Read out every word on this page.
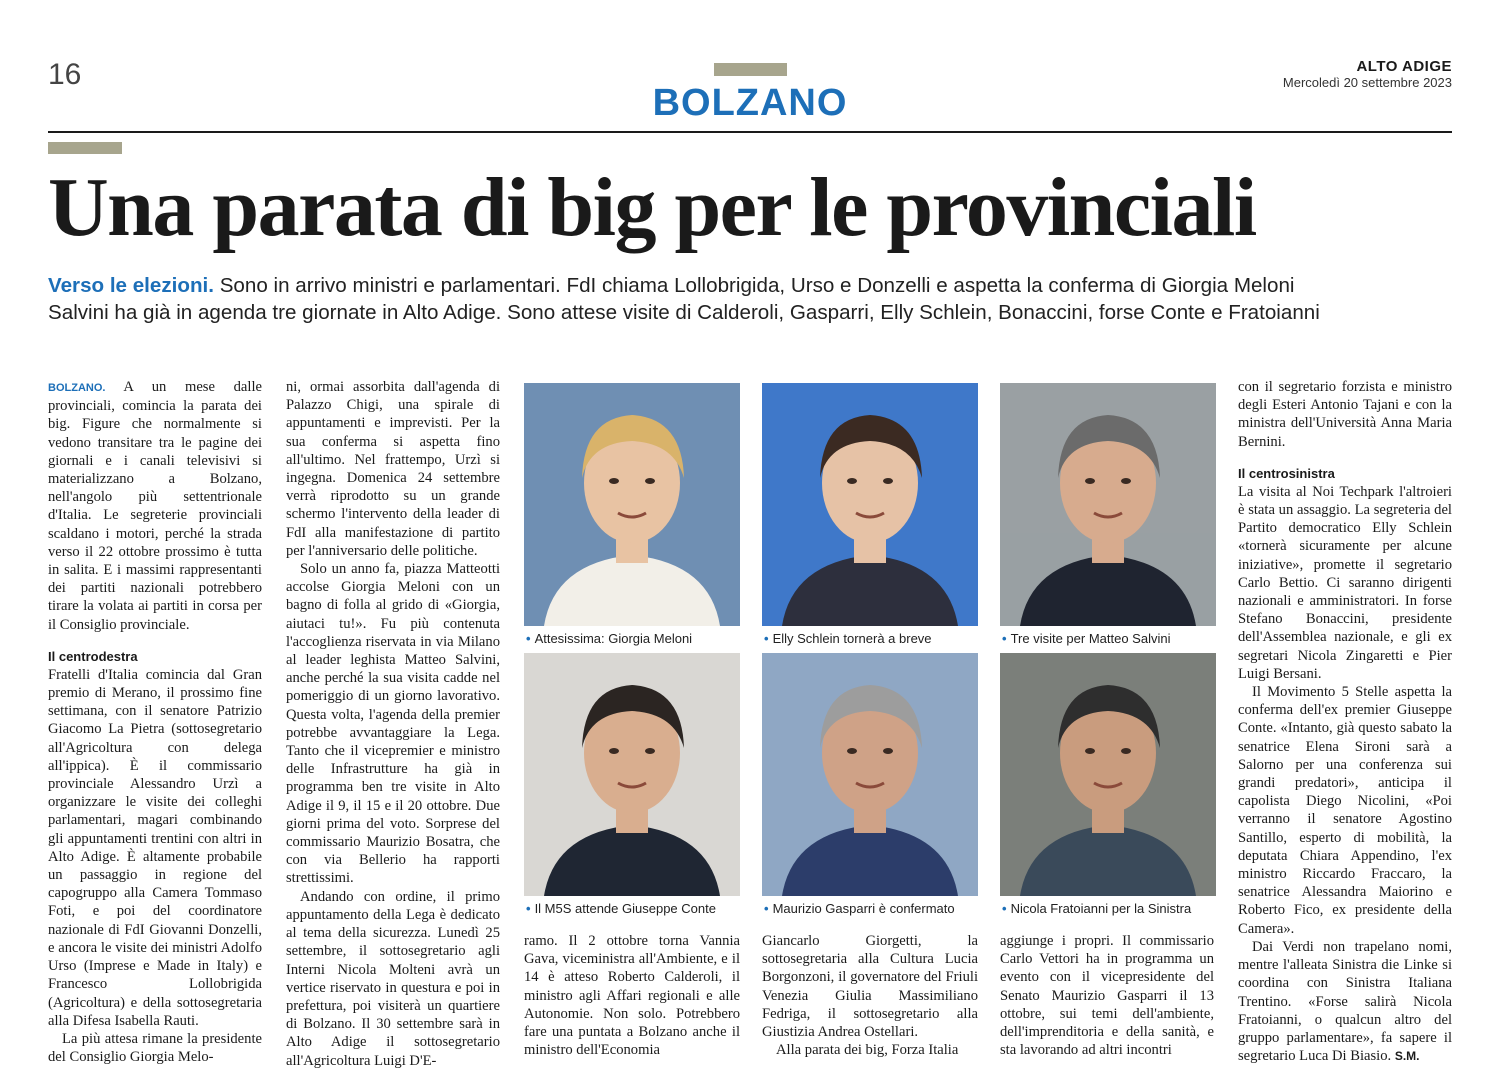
16
BOLZANO
ALTO ADIGE
Mercoledì 20 settembre 2023
Una parata di big per le provinciali
Verso le elezioni. Sono in arrivo ministri e parlamentari. FdI chiama Lollobrigida, Urso e Donzelli e aspetta la conferma di Giorgia Meloni
Salvini ha già in agenda tre giornate in Alto Adige. Sono attese visite di Calderoli, Gasparri, Elly Schlein, Bonaccini, forse Conte e Fratoianni

BOLZANO. A un mese dalle provinciali, comincia la parata dei big. Figure che normalmente si vedono transitare tra le pagine dei giornali e i canali televisivi si materializzano a Bolzano, nell'angolo più settentrionale d'Italia. Le segreterie provinciali scaldano i motori, perché la strada verso il 22 ottobre prossimo è tutta in salita. E i massimi rappresentanti dei partiti nazionali potrebbero tirare la volata ai partiti in corsa per il Consiglio provinciale.

Il centrodestra

Fratelli d'Italia comincia dal Gran premio di Merano, il prossimo fine settimana, con il senatore Patrizio Giacomo La Pietra (sottosegretario all'Agricoltura con delega all'ippica). È il commissario provinciale Alessandro Urzì a organizzare le visite dei colleghi parlamentari, magari combinando gli appuntamenti trentini con altri in Alto Adige. È altamente probabile un passaggio in regione del capogruppo alla Camera Tommaso Foti, e poi del coordinatore nazionale di FdI Giovanni Donzelli, e ancora le visite dei ministri Adolfo Urso (Imprese e Made in Italy) e Francesco Lollobrigida (Agricoltura) e della sottosegretaria alla Difesa Isabella Rauti.

La più attesa rimane la presidente del Consiglio Giorgia Melo-

ni, ormai assorbita dall'agenda di Palazzo Chigi, una spirale di appuntamenti e imprevisti. Per la sua conferma si aspetta fino all'ultimo. Nel frattempo, Urzì si ingegna. Domenica 24 settembre verrà riprodotto su un grande schermo l'intervento della leader di FdI alla manifestazione di partito per l'anniversario delle politiche.

Solo un anno fa, piazza Matteotti accolse Giorgia Meloni con un bagno di folla al grido di «Giorgia, aiutaci tu!». Fu più contenuta l'accoglienza riservata in via Milano al leader leghista Matteo Salvini, anche perché la sua visita cadde nel pomeriggio di un giorno lavorativo. Questa volta, l'agenda della premier potrebbe avvantaggiare la Lega. Tanto che il vicepremier e ministro delle Infrastrutture ha già in programma ben tre visite in Alto Adige il 9, il 15 e il 20 ottobre. Due giorni prima del voto. Sorprese del commissario Maurizio Bosatra, che con via Bellerio ha rapporti strettissimi.

Andando con ordine, il primo appuntamento della Lega è dedicato al tema della sicurezza. Lunedì 25 settembre, il sottosegretario agli Interni Nicola Molteni avrà un vertice riservato in questura e poi in prefettura, poi visiterà un quartiere di Bolzano. Il 30 settembre sarà in Alto Adige il sottosegretario all'Agricoltura Luigi D'E-

• Attesissima: Giorgia Meloni	• Elly Schlein tornerà a breve	• Tre visite per Matteo Salvini
• Il M5S attende Giuseppe Conte	• Maurizio Gasparri è confermato	• Nicola Fratoianni per la Sinistra

ramo. Il 2 ottobre torna Vannia Gava, viceministra all'Ambiente, e il 14 è atteso Roberto Calderoli, il ministro agli Affari regionali e alle Autonomie. Non solo. Potrebbero fare una puntata a Bolzano anche il ministro dell'Economia

Giancarlo Giorgetti, la sottosegretaria alla Cultura Lucia Borgonzoni, il governatore del Friuli Venezia Giulia Massimiliano Fedriga, il sottosegretario alla Giustizia Andrea Ostellari.

Alla parata dei big, Forza Italia

aggiunge i propri. Il commissario Carlo Vettori ha in programma un evento con il vicepresidente del Senato Maurizio Gasparri il 13 ottobre, sui temi dell'ambiente, dell'imprenditoria e della sanità, e sta lavorando ad altri incontri

con il segretario forzista e ministro degli Esteri Antonio Tajani e con la ministra dell'Università Anna Maria Bernini.

Il centrosinistra

La visita al Noi Techpark l'altroieri è stata un assaggio. La segreteria del Partito democratico Elly Schlein «tornerà sicuramente per alcune iniziative», promette il segretario Carlo Bettio. Ci saranno dirigenti nazionali e amministratori. In forse Stefano Bonaccini, presidente dell'Assemblea nazionale, e gli ex segretari Nicola Zingaretti e Pier Luigi Bersani.

Il Movimento 5 Stelle aspetta la conferma dell'ex premier Giuseppe Conte. «Intanto, già questo sabato la senatrice Elena Sironi sarà a Salorno per una conferenza sui grandi predatori», anticipa il capolista Diego Nicolini, «Poi verranno il senatore Agostino Santillo, esperto di mobilità, la deputata Chiara Appendino, l'ex ministro Riccardo Fraccaro, la senatrice Alessandra Maiorino e Roberto Fico, ex presidente della Camera».

Dai Verdi non trapelano nomi, mentre l'alleata Sinistra die Linke si coordina con Sinistra Italiana Trentino. «Forse salirà Nicola Fratoianni, o qualcun altro del gruppo parlamentare», fa sapere il segretario Luca Di Biasio. S.M.
